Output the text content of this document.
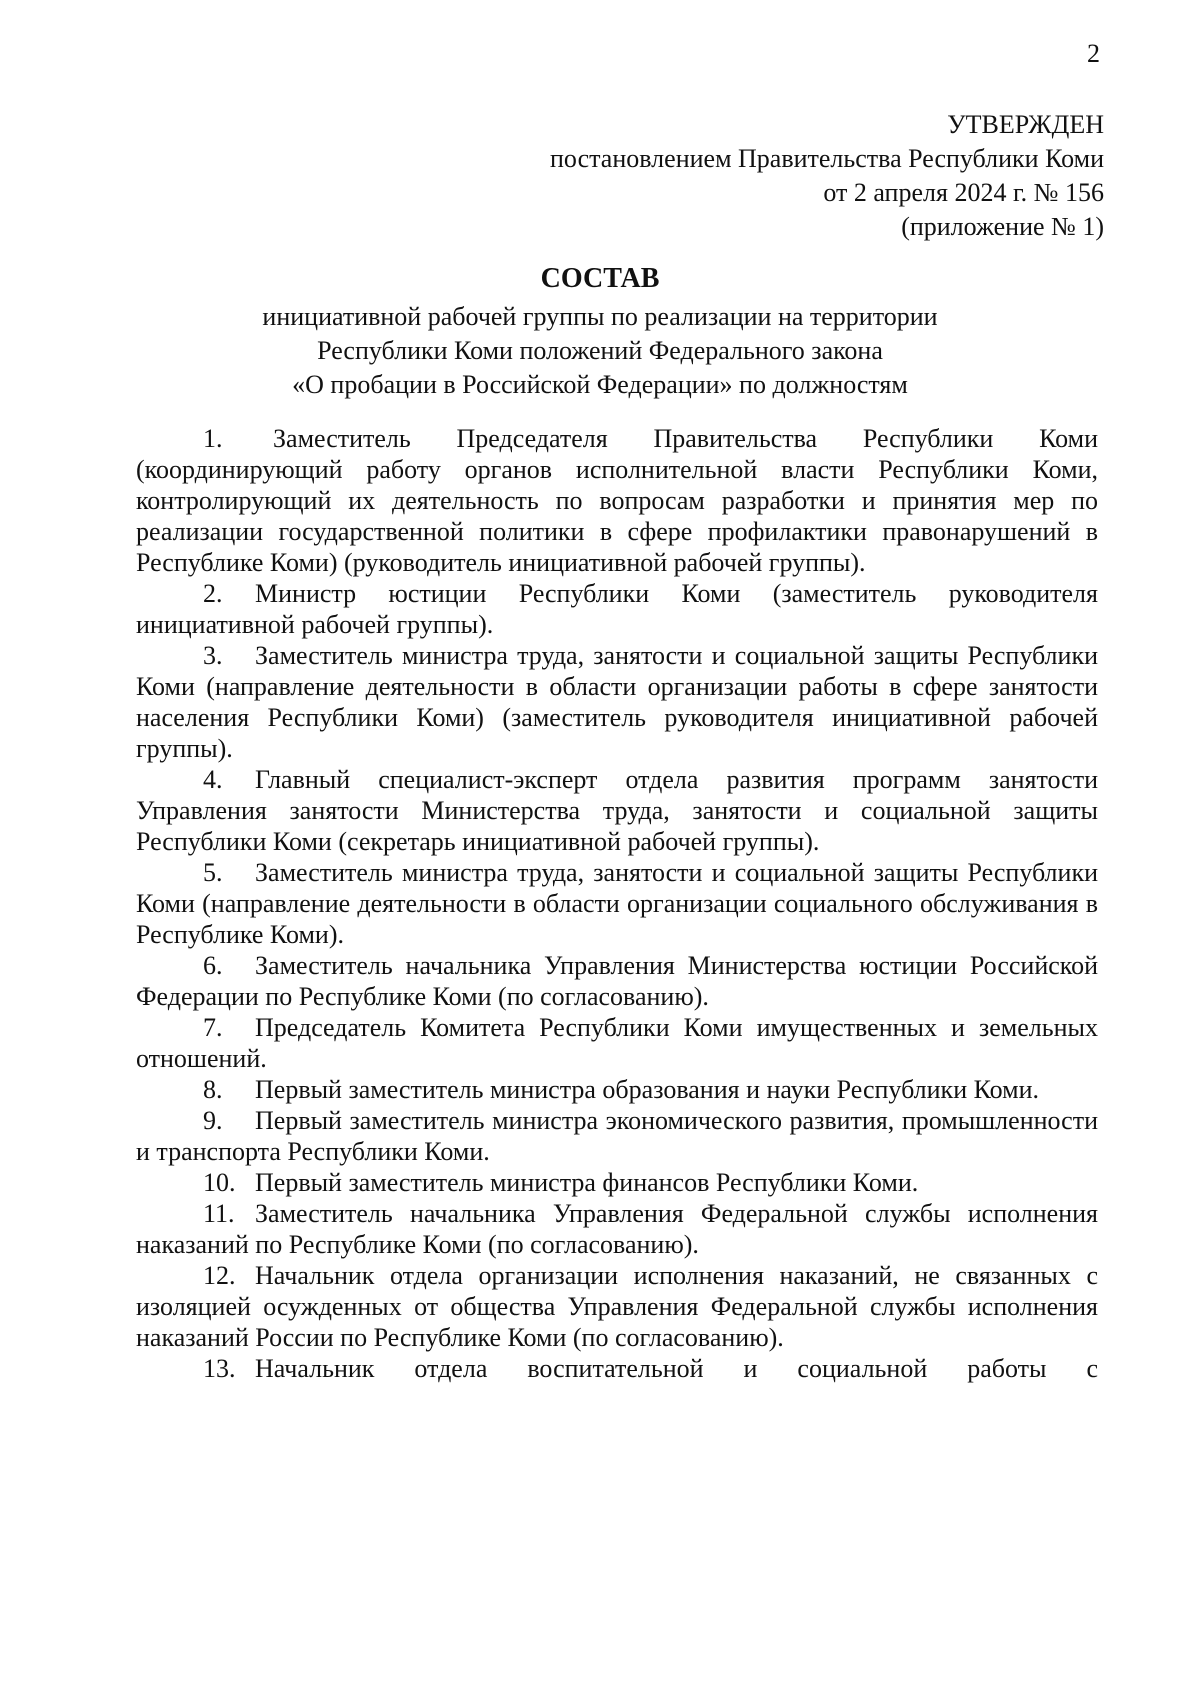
2
УТВЕРЖДЕН
постановлением Правительства Республики Коми
от 2 апреля 2024 г. № 156
(приложение № 1)
СОСТАВ
инициативной рабочей группы по реализации на территории
Республики Коми положений Федерального закона
«О пробации в Российской Федерации» по должностям

1. Заместитель Председателя Правительства Республики Коми (координирующий работу органов исполнительной власти Республики Коми, контролирующий их деятельность по вопросам разработки и принятия мер по реализации государственной политики в сфере профилактики правонарушений в Республике Коми) (руководитель инициативной рабочей группы).

2. Министр юстиции Республики Коми (заместитель руководителя инициативной рабочей группы).

3. Заместитель министра труда, занятости и социальной защиты Республики Коми (направление деятельности в области организации работы в сфере занятости населения Республики Коми) (заместитель руководителя инициативной рабочей группы).

4. Главный специалист-эксперт отдела развития программ занятости Управления занятости Министерства труда, занятости и социальной защиты Республики Коми (секретарь инициативной рабочей группы).

5. Заместитель министра труда, занятости и социальной защиты Республики Коми (направление деятельности в области организации социального обслуживания в Республике Коми).

6. Заместитель начальника Управления Министерства юстиции Российской Федерации по Республике Коми (по согласованию).

7. Председатель Комитета Республики Коми имущественных и земельных отношений.

8. Первый заместитель министра образования и науки Республики Коми.

9. Первый заместитель министра экономического развития, промышленности и транспорта Республики Коми.

10. Первый заместитель министра финансов Республики Коми.

11. Заместитель начальника Управления Федеральной службы исполнения наказаний по Республике Коми (по согласованию).

12. Начальник отдела организации исполнения наказаний, не связанных с изоляцией осужденных от общества Управления Федеральной службы исполнения наказаний России по Республике Коми (по согласованию).

13. Начальник отдела воспитательной и социальной работы с
